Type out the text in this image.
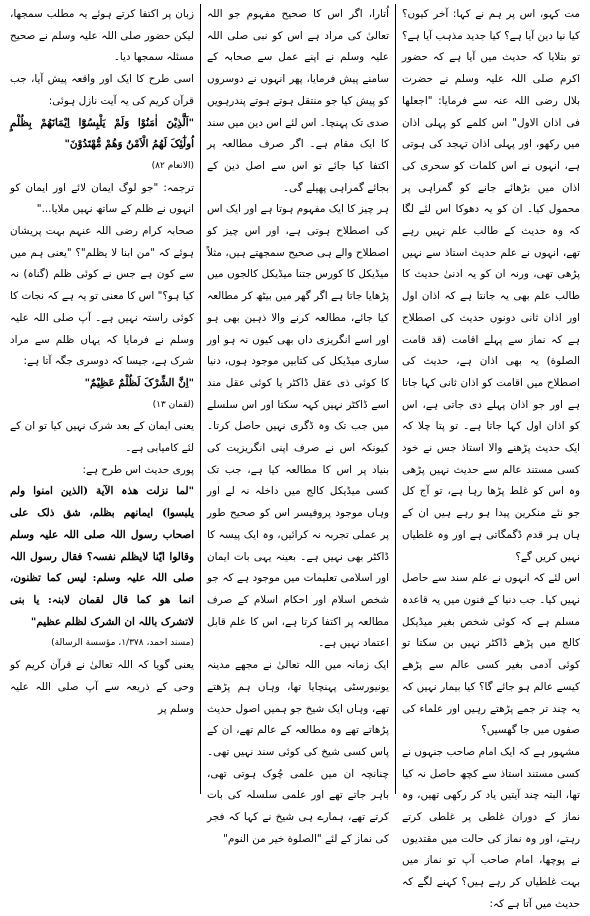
زبان پر اکتفا کرتے ہوئے یہ مطلب سمجھا، لیکن حضور صلی اللہ علیہ وسلم نے صحیح مسئلہ سمجھا دیا۔

اسی طرح کا ایک اور واقعہ پیش آیا، جب قرآن کریم کی یہ آیت نازل ہوئی:

"اَلَّذِیْنَ اٰمَنُوْا وَلَمْ یَلْبِسُوْٓا اِیْمَانَھُمْ بِظُلْمٍ اُولٰٓئِکَ لَھُمُ الْاَمْنُ وَھُمْ مُّھْتَدُوْنَ"

(الانعام ۸۲)

ترجمہ: "جو لوگ ایمان لائے اور ایمان کو انہوں نے ظلم کے ساتھ نہیں ملایا..."

صحابہ کرام رضی اللہ عنہم بہت پریشان ہوئے کہ "من ابنا لا یظلم"؟ "یعنی ہم میں سے کون ہے جس نے کوئی ظلم (گناہ) نہ کیا ہو؟" اس کا معنی تو یہ ہے کہ نجات کا کوئی راستہ نہیں ہے۔ آپ صلی اللہ علیہ وسلم نے فرمایا کہ یہاں ظلم سے مراد شرک ہے، جیسا کہ دوسری جگہ آتا ہے:

"اِنَّ الشِّرْکَ لَظُلْمٌ عَظِیْمٌ"

(لقمان ۱۳)

یعنی ایمان کے بعد شرک نہیں کیا تو ان کے لئے کامیابی ہے۔

پوری حدیث اس طرح ہے:

"لما نزلت ھذہ الآیة (الذین امنوا ولم یلبسوا) ایمانھم بظلم، شق ذلک علی اصحاب رسول اللہ صلی اللہ علیہ وسلم وقالوا ایّنا لایظلم نفسہ؟ فقال رسول اللہ صلی اللہ علیہ وسلم: لیس کما تظنون، انما ھو کما قال لقمان لابنہ: یا بنی لاتشرک باللہ ان الشرک لظلم عظیم"

(مسند احمد، ۱/۳۷۸، مؤسسة الرسالة)

یعنی گویا کہ اللہ تعالیٰ نے قرآن کریم کو وحی کے ذریعہ سے آپ صلی اللہ علیہ وسلم پر

اُتارا، اگر اس کا صحیح مفہوم جو اللہ تعالیٰ کی مراد ہے اس کو نبی صلی اللہ علیہ وسلم نے اپنے عمل سے صحابہ کے سامنے پیش فرمایا، پھر انہوں نے دوسروں کو پیش کیا جو منتقل ہوتے ہوتے پندرہویں صدی تک پہنچا۔ اس لئے اس دین میں سند کا ایک مقام ہے۔ اگر صرف مطالعہ پر اکتفا کیا جائے تو اس سے اصل دین کے بجائے گمراہی پھیلے گی۔

ہر چیز کا ایک مفہوم ہوتا ہے اور ایک اس کی اصطلاح ہوتی ہے، اور اس چیز کو اصطلاح والے ہی صحیح سمجھتے ہیں، مثلاً میڈیکل کا کورس جتنا میڈیکل کالجوں میں پڑھایا جاتا ہے اگر گھر میں بیٹھ کر مطالعہ کیا جائے، مطالعہ کرنے والا ذہین بھی ہو اور اسے انگریزی داں بھی کیوں نہ ہو اور ساری میڈیکل کی کتابیں موجود ہوں، دنیا کا کوئی ذی عقل ڈاکٹر یا کوئی عقل مند اسے ڈاکٹر نہیں کہہ سکتا اور اس سلسلے میں جب تک وہ ڈگری نہیں حاصل کرتا۔ کیونکہ اس نے صرف اپنی انگریزیت کی بنیاد پر اس کا مطالعہ کیا ہے، جب تک کسی میڈیکل کالج میں داخلہ نہ لے اور وہاں موجود پروفیسر اس کو صحیح طور پر عملی تجربہ نہ کرائیں، وہ ایک پیسہ کا ڈاکٹر بھی نہیں ہے۔ بعینہ یہی بات ایمان اور اسلامی تعلیمات میں موجود ہے کہ جو شخص اسلام اور احکام اسلام کے صرف مطالعہ پر اکتفا کرتا ہے، اس کا علم قابل اعتماد نہیں ہے۔

ایک زمانہ میں اللہ تعالیٰ نے مجھے مدینہ یونیورسٹی پہنچایا تھا، وہاں ہم پڑھتے تھے، وہاں ایک شیخ جو ہمیں اصول حدیث پڑھاتے تھے وہ مطالعہ کے عالم تھے، ان کے پاس کسی شیخ کی کوئی سند نہیں تھی۔ چنانچہ ان میں علمی چُوک ہوتی تھی، باہر جاتے تھے اور علمی سلسلہ کی بات کرتے تھے، ہمارے ہی شیخ نے کہا کہ فجر کی نماز کے لئے "الصلوة خیر من النوم"

مت کہو، اس پر ہم نے کہا: آخر کیوں؟ کیا نیا دین آیا ہے؟ کیا جدید مذہب آیا ہے؟ تو بتلایا کہ حدیث میں آیا ہے کہ حضور اکرم صلی اللہ علیہ وسلم نے حضرت بلال رضی اللہ عنہ سے فرمایا: "اجعلھا فی اذان الاول" اس کلمے کو پہلی اذان میں رکھو، اور پہلی اذان تہجد کی ہوتی ہے، انہوں نے اس کلمات کو سحری کی اذان میں بڑھائے جانے کو گمراہی پر محمول کیا۔ ان کو یہ دھوکا اس لئے لگا کہ وہ حدیث کے طالب علم نہیں رہے تھے، انہوں نے علم حدیث استاذ سے نہیں پڑھی تھی، ورنہ ان کو یہ ادنیٰ حدیث کا طالب علم بھی یہ جانتا ہے کہ اذان اول اور اذان ثانی دونوں حدیث کی اصطلاح ہے کہ نماز سے پہلے اقامت (قد قامت الصلوة) یہ بھی اذان ہے، حدیث کی اصطلاح میں اقامت کو اذان ثانی کہا جاتا ہے اور جو اذان پہلے دی جاتی ہے، اس کو اذان اول کہا جاتا ہے۔ تو پتا چلا کہ ایک حدیث پڑھنے والا استاذ جس نے خود کسی مستند عالم سے حدیث نہیں پڑھی وہ اس کو غلط پڑھا رہا ہے، تو آج کل جو نئے منکرین پیدا ہو رہے ہیں ان کے ہاں ہر قدم ڈگمگاتی ہے اور وہ غلطیاں نہیں کریں گے؟

اس لئے کہ انہوں نے علم سند سے حاصل نہیں کیا۔ جب دنیا کے فنون میں یہ قاعدہ مسلم ہے کہ کوئی شخص بغیر میڈیکل کالج میں پڑھے ڈاکٹر نہیں بن سکتا تو کوئی آدمی بغیر کسی عالم سے پڑھے کیسے عالم ہو جائے گا؟ کیا بیمار نہیں کہ یہ چند تر جمے پڑھتے رہیں اور علماء کی صفوں میں جا گھسیں؟

مشہور ہے کہ ایک امام صاحب جنہوں نے کسی مستند استاذ سے کچھ حاصل نہ کیا تھا، البتہ چند آیتیں یاد کر رکھی تھیں، وہ نماز کے دوران غلطی پر غلطی کرتے رہتے، اور وہ نماز کی حالت میں مقتدیوں نے پوچھا، امام صاحب آپ تو نماز میں بہت غلطیاں کر رہے ہیں؟ کہنے لگے کہ حدیث میں آتا ہے کہ:
